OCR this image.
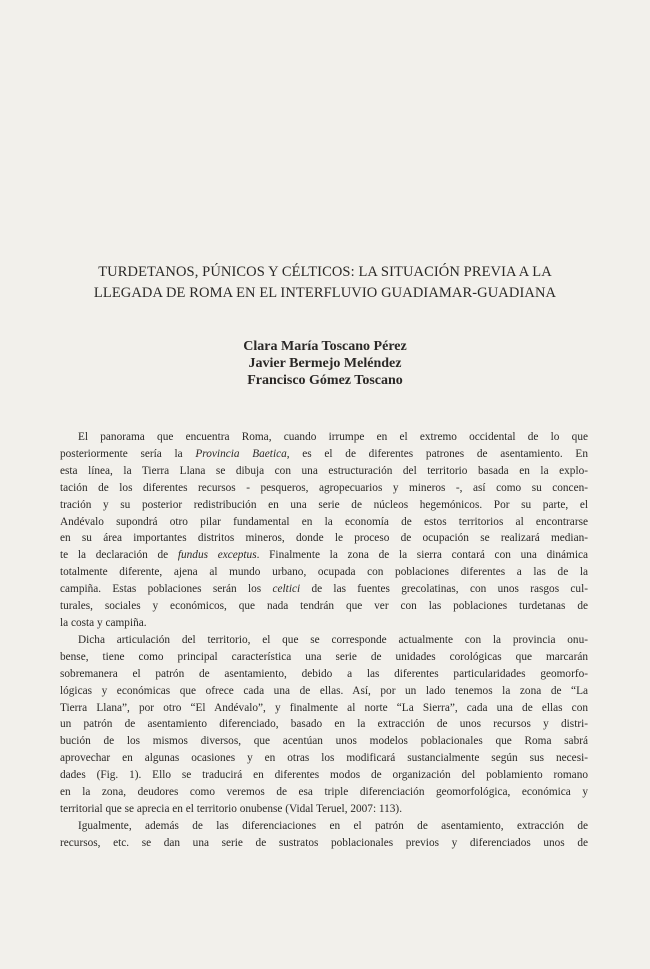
TURDETANOS, PÚNICOS Y CÉLTICOS: LA SITUACIÓN PREVIA A LA
LLEGADA DE ROMA EN EL INTERFLUVIO GUADIAMAR-GUADIANA
Clara María Toscano Pérez
Javier Bermejo Meléndez
Francisco Gómez Toscano
El panorama que encuentra Roma, cuando irrumpe en el extremo occidental de lo que
posteriormente sería la Provincia Baetica, es el de diferentes patrones de asentamiento. En
esta línea, la Tierra Llana se dibuja con una estructuración del territorio basada en la explo-
tación de los diferentes recursos - pesqueros, agropecuarios y mineros -, así como su concen-
tración y su posterior redistribución en una serie de núcleos hegemónicos. Por su parte, el
Andévalo supondrá otro pilar fundamental en la economía de estos territorios al encontrarse
en su área importantes distritos mineros, donde le proceso de ocupación se realizará median-
te la declaración de fundus exceptus. Finalmente la zona de la sierra contará con una dinámica
totalmente diferente, ajena al mundo urbano, ocupada con poblaciones diferentes a las de la
campiña. Estas poblaciones serán los celtici de las fuentes grecolatinas, con unos rasgos cul-
turales, sociales y económicos, que nada tendrán que ver con las poblaciones turdetanas de
la costa y campiña.
Dicha articulación del territorio, el que se corresponde actualmente con la provincia onu-
bense, tiene como principal característica una serie de unidades corológicas que marcarán
sobremanera el patrón de asentamiento, debido a las diferentes particularidades geomorfo-
lógicas y económicas que ofrece cada una de ellas. Así, por un lado tenemos la zona de “La
Tierra Llana”, por otro “El Andévalo”, y finalmente al norte “La Sierra”, cada una de ellas con
un patrón de asentamiento diferenciado, basado en la extracción de unos recursos y distri-
bución de los mismos diversos, que acentúan unos modelos poblacionales que Roma sabrá
aprovechar en algunas ocasiones y en otras los modificará sustancialmente según sus necesi-
dades (Fig. 1). Ello se traducirá en diferentes modos de organización del poblamiento romano
en la zona, deudores como veremos de esa triple diferenciación geomorfológica, económica y
territorial que se aprecia en el territorio onubense (Vidal Teruel, 2007: 113).
Igualmente, además de las diferenciaciones en el patrón de asentamiento, extracción de
recursos, etc. se dan una serie de sustratos poblacionales previos y diferenciados unos de
